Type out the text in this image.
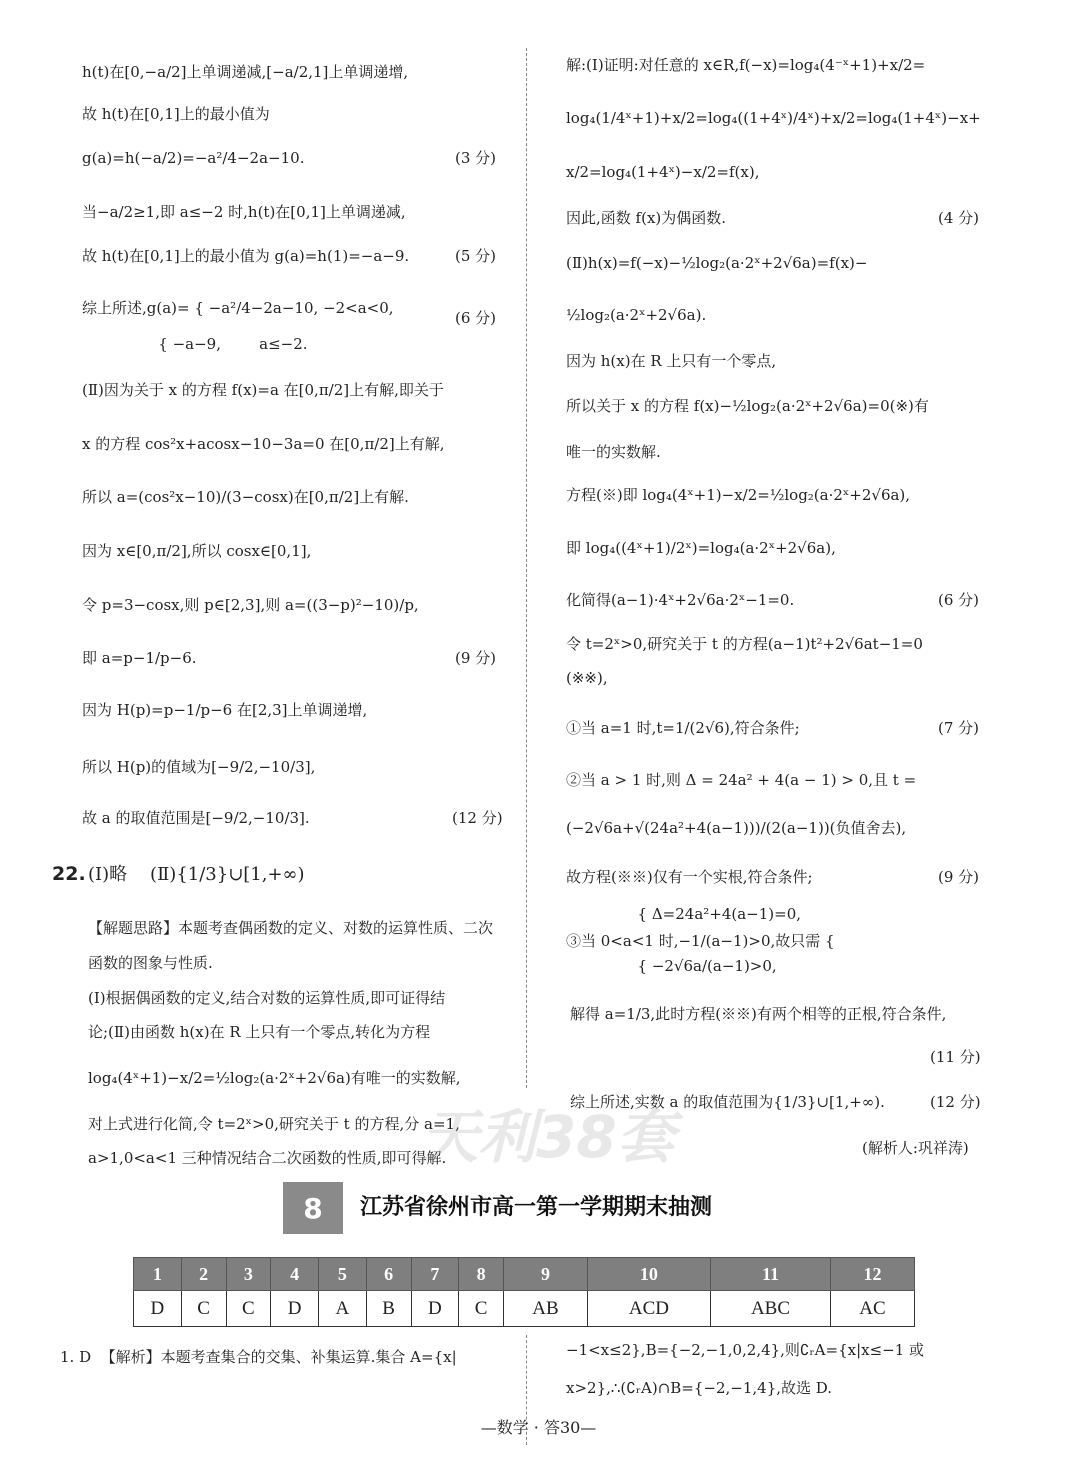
h(t)在[0,−a/2]上单调递减,[−a/2,1]上单调递增,
故 h(t)在[0,1]上的最小值为
g(a)=h(−a/2)=−a²/4−2a−10.	(3 分)
当−a/2≥1,即 a≤−2 时,h(t)在[0,1]上单调递减,
故 h(t)在[0,1]上的最小值为 g(a)=h(1)=−a−9.	(5 分)
综上所述,g(a)= { −a²/4−2a−10, −2<a<0,
(6 分)
{ −a−9,        a≤−2.
(Ⅱ)因为关于 x 的方程 f(x)=a 在[0,π/2]上有解,即关于
x 的方程 cos²x+acosx−10−3a=0 在[0,π/2]上有解,
所以 a=(cos²x−10)/(3−cosx)在[0,π/2]上有解.
因为 x∈[0,π/2],所以 cosx∈[0,1],
令 p=3−cosx,则 p∈[2,3],则 a=((3−p)²−10)/p,
即 a=p−1/p−6.	(9 分)
因为 H(p)=p−1/p−6 在[2,3]上单调递增,
所以 H(p)的值域为[−9/2,−10/3],
故 a 的取值范围是[−9/2,−10/3].	(12 分)
22. (Ⅰ)略    (Ⅱ){1/3}∪[1,+∞)
【解题思路】本题考查偶函数的定义、对数的运算性质、二次
函数的图象与性质.
(Ⅰ)根据偶函数的定义,结合对数的运算性质,即可证得结
论;(Ⅱ)由函数 h(x)在 R 上只有一个零点,转化为方程
log₄(4ˣ+1)−x/2=½log₂(a·2ˣ+2√6a)有唯一的实数解,
对上式进行化简,令 t=2ˣ>0,研究关于 t 的方程,分 a=1,
a>1,0<a<1 三种情况结合二次函数的性质,即可得解.
解:(Ⅰ)证明:对任意的 x∈R,f(−x)=log₄(4⁻ˣ+1)+x/2=
log₄(1/4ˣ+1)+x/2=log₄((1+4ˣ)/4ˣ)+x/2=log₄(1+4ˣ)−x+
x/2=log₄(1+4ˣ)−x/2=f(x),
因此,函数 f(x)为偶函数.	(4 分)
(Ⅱ)h(x)=f(−x)−½log₂(a·2ˣ+2√6a)=f(x)−
½log₂(a·2ˣ+2√6a).
因为 h(x)在 R 上只有一个零点,
所以关于 x 的方程 f(x)−½log₂(a·2ˣ+2√6a)=0(※)有
唯一的实数解.
方程(※)即 log₄(4ˣ+1)−x/2=½log₂(a·2ˣ+2√6a),
即 log₄((4ˣ+1)/2ˣ)=log₄(a·2ˣ+2√6a),
化简得(a−1)·4ˣ+2√6a·2ˣ−1=0.	(6 分)
令 t=2ˣ>0,研究关于 t 的方程(a−1)t²+2√6at−1=0
(※※),
①当 a=1 时,t=1/(2√6),符合条件;	(7 分)
②当 a > 1 时,则 Δ = 24a² + 4(a − 1) > 0,且 t =
(−2√6a+√(24a²+4(a−1)))/(2(a−1))(负值舍去),
故方程(※※)仅有一个实根,符合条件;	(9 分)
{ Δ=24a²+4(a−1)=0,
③当 0<a<1 时,−1/(a−1)>0,故只需 {
{ −2√6a/(a−1)>0,
解得 a=1/3,此时方程(※※)有两个相等的正根,符合条件,
(11 分)
综上所述,实数 a 的取值范围为{1/3}∪[1,+∞).	(12 分)
(解析人:巩祥涛)
天利38套
8	江苏省徐州市高一第一学期期末抽测
1	2	3	4	5	6	7	8	9	10	11	12
D	C	C	D	A	B	D	C	AB	ACD	ABC	AC
1. D  【解析】本题考查集合的交集、补集运算.集合 A={x|	−1<x≤2},B={−2,−1,0,2,4},则∁ᵣA={x|x≤−1 或
x>2},∴(∁ᵣA)∩B={−2,−1,4},故选 D.
—数学 · 答30—
